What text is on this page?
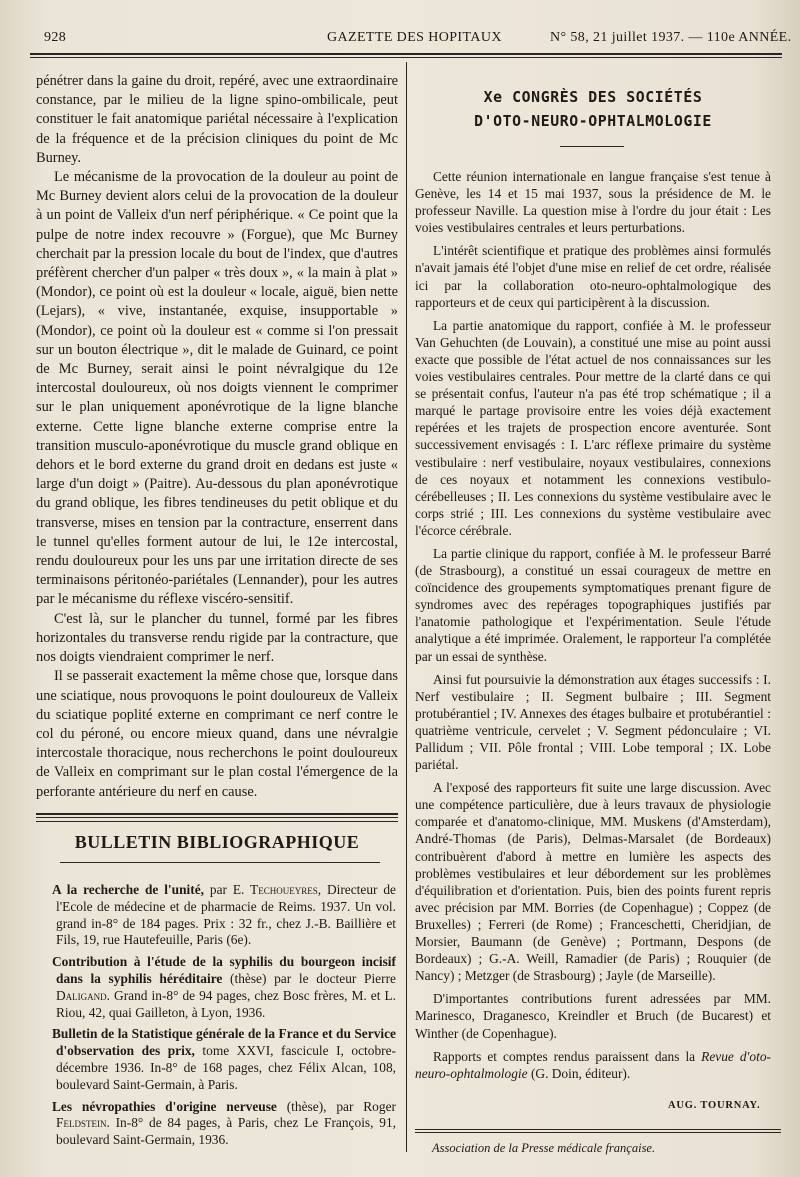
928	GAZETTE DES HOPITAUX	N° 58, 21 juillet 1937. — 110e ANNÉE.

pénétrer dans la gaine du droit, repéré, avec une extraordinaire constance, par le milieu de la ligne spino-ombilicale, peut constituer le fait anatomique pariétal nécessaire à l'explication de la fréquence et de la précision cliniques du point de Mc Burney.

Le mécanisme de la provocation de la douleur au point de Mc Burney devient alors celui de la provocation de la douleur à un point de Valleix d'un nerf périphérique. « Ce point que la pulpe de notre index recouvre » (Forgue), que Mc Burney cherchait par la pression locale du bout de l'index, que d'autres préfèrent chercher d'un palper « très doux », « la main à plat » (Mondor), ce point où est la douleur « locale, aiguë, bien nette (Lejars), « vive, instantanée, exquise, insupportable » (Mondor), ce point où la douleur est « comme si l'on pressait sur un bouton électrique », dit le malade de Guinard, ce point de Mc Burney, serait ainsi le point névralgique du 12e intercostal douloureux, où nos doigts viennent le comprimer sur le plan uniquement aponévrotique de la ligne blanche externe. Cette ligne blanche externe comprise entre la transition musculo-aponévrotique du muscle grand oblique en dehors et le bord externe du grand droit en dedans est juste « large d'un doigt » (Paitre). Au-dessous du plan aponévrotique du grand oblique, les fibres tendineuses du petit oblique et du transverse, mises en tension par la contracture, enserrent dans le tunnel qu'elles forment autour de lui, le 12e intercostal, rendu douloureux pour les uns par une irritation directe de ses terminaisons péritonéo-pariétales (Lennander), pour les autres par le mécanisme du réflexe viscéro-sensitif.

C'est là, sur le plancher du tunnel, formé par les fibres horizontales du transverse rendu rigide par la contracture, que nos doigts viendraient comprimer le nerf.

Il se passerait exactement la même chose que, lorsque dans une sciatique, nous provoquons le point douloureux de Valleix du sciatique poplité externe en comprimant ce nerf contre le col du péroné, ou encore mieux quand, dans une névralgie intercostale thoracique, nous recherchons le point douloureux de Valleix en comprimant sur le plan costal l'émergence de la perforante antérieure du nerf en cause.

BULLETIN BIBLIOGRAPHIQUE

A la recherche de l'unité, par E. Techoueyres, Directeur de l'Ecole de médecine et de pharmacie de Reims. 1937. Un vol. grand in-8° de 184 pages. Prix : 32 fr., chez J.-B. Baillière et Fils, 19, rue Hautefeuille, Paris (6e).

Contribution à l'étude de la syphilis du bourgeon incisif dans la syphilis héréditaire (thèse) par le docteur Pierre Daligand. Grand in-8° de 94 pages, chez Bosc frères, M. et L. Riou, 42, quai Gailleton, à Lyon, 1936.

Bulletin de la Statistique générale de la France et du Service d'observation des prix, tome XXVI, fascicule I, octobre-décembre 1936. In-8° de 168 pages, chez Félix Alcan, 108, boulevard Saint-Germain, à Paris.

Les névropathies d'origine nerveuse (thèse), par Roger Feldstein. In-8° de 84 pages, à Paris, chez Le François, 91, boulevard Saint-Germain, 1936.

Xe CONGRÈS DES SOCIÉTÉS
D'OTO-NEURO-OPHTALMOLOGIE

Cette réunion internationale en langue française s'est tenue à Genève, les 14 et 15 mai 1937, sous la présidence de M. le professeur Naville. La question mise à l'ordre du jour était : Les voies vestibulaires centrales et leurs perturbations.

L'intérêt scientifique et pratique des problèmes ainsi formulés n'avait jamais été l'objet d'une mise en relief de cet ordre, réalisée ici par la collaboration oto-neuro-ophtalmologique des rapporteurs et de ceux qui participèrent à la discussion.

La partie anatomique du rapport, confiée à M. le professeur Van Gehuchten (de Louvain), a constitué une mise au point aussi exacte que possible de l'état actuel de nos connaissances sur les voies vestibulaires centrales. Pour mettre de la clarté dans ce qui se présentait confus, l'auteur n'a pas été trop schématique ; il a marqué le partage provisoire entre les voies déjà exactement repérées et les trajets de prospection encore aventurée. Sont successivement envisagés : I. L'arc réflexe primaire du système vestibulaire : nerf vestibulaire, noyaux vestibulaires, connexions de ces noyaux et notamment les connexions vestibulo-cérébelleuses ; II. Les connexions du système vestibulaire avec le corps strié ; III. Les connexions du système vestibulaire avec l'écorce cérébrale.

La partie clinique du rapport, confiée à M. le professeur Barré (de Strasbourg), a constitué un essai courageux de mettre en coïncidence des groupements symptomatiques prenant figure de syndromes avec des repérages topographiques justifiés par l'anatomie pathologique et l'expérimentation. Seule l'étude analytique a été imprimée. Oralement, le rapporteur l'a complétée par un essai de synthèse.

Ainsi fut poursuivie la démonstration aux étages successifs : I. Nerf vestibulaire ; II. Segment bulbaire ; III. Segment protubérantiel ; IV. Annexes des étages bulbaire et protubérantiel : quatrième ventricule, cervelet ; V. Segment pédonculaire ; VI. Pallidum ; VII. Pôle frontal ; VIII. Lobe temporal ; IX. Lobe pariétal.

A l'exposé des rapporteurs fit suite une large discussion. Avec une compétence particulière, due à leurs travaux de physiologie comparée et d'anatomo-clinique, MM. Muskens (d'Amsterdam), André-Thomas (de Paris), Delmas-Marsalet (de Bordeaux) contribuèrent d'abord à mettre en lumière les aspects des problèmes vestibulaires et leur débordement sur les problèmes d'équilibration et d'orientation. Puis, bien des points furent repris avec précision par MM. Borries (de Copenhague) ; Coppez (de Bruxelles) ; Ferreri (de Rome) ; Franceschetti, Cheridjian, de Morsier, Baumann (de Genève) ; Portmann, Despons (de Bordeaux) ; G.-A. Weill, Ramadier (de Paris) ; Rouquier (de Nancy) ; Metzger (de Strasbourg) ; Jayle (de Marseille).

D'importantes contributions furent adressées par MM. Marinesco, Draganesco, Kreindler et Bruch (de Bucarest) et Winther (de Copenhague).

Rapports et comptes rendus paraissent dans la Revue d'oto-neuro-ophtalmologie (G. Doin, éditeur).

AUG. TOURNAY.
Association de la Presse médicale française.
